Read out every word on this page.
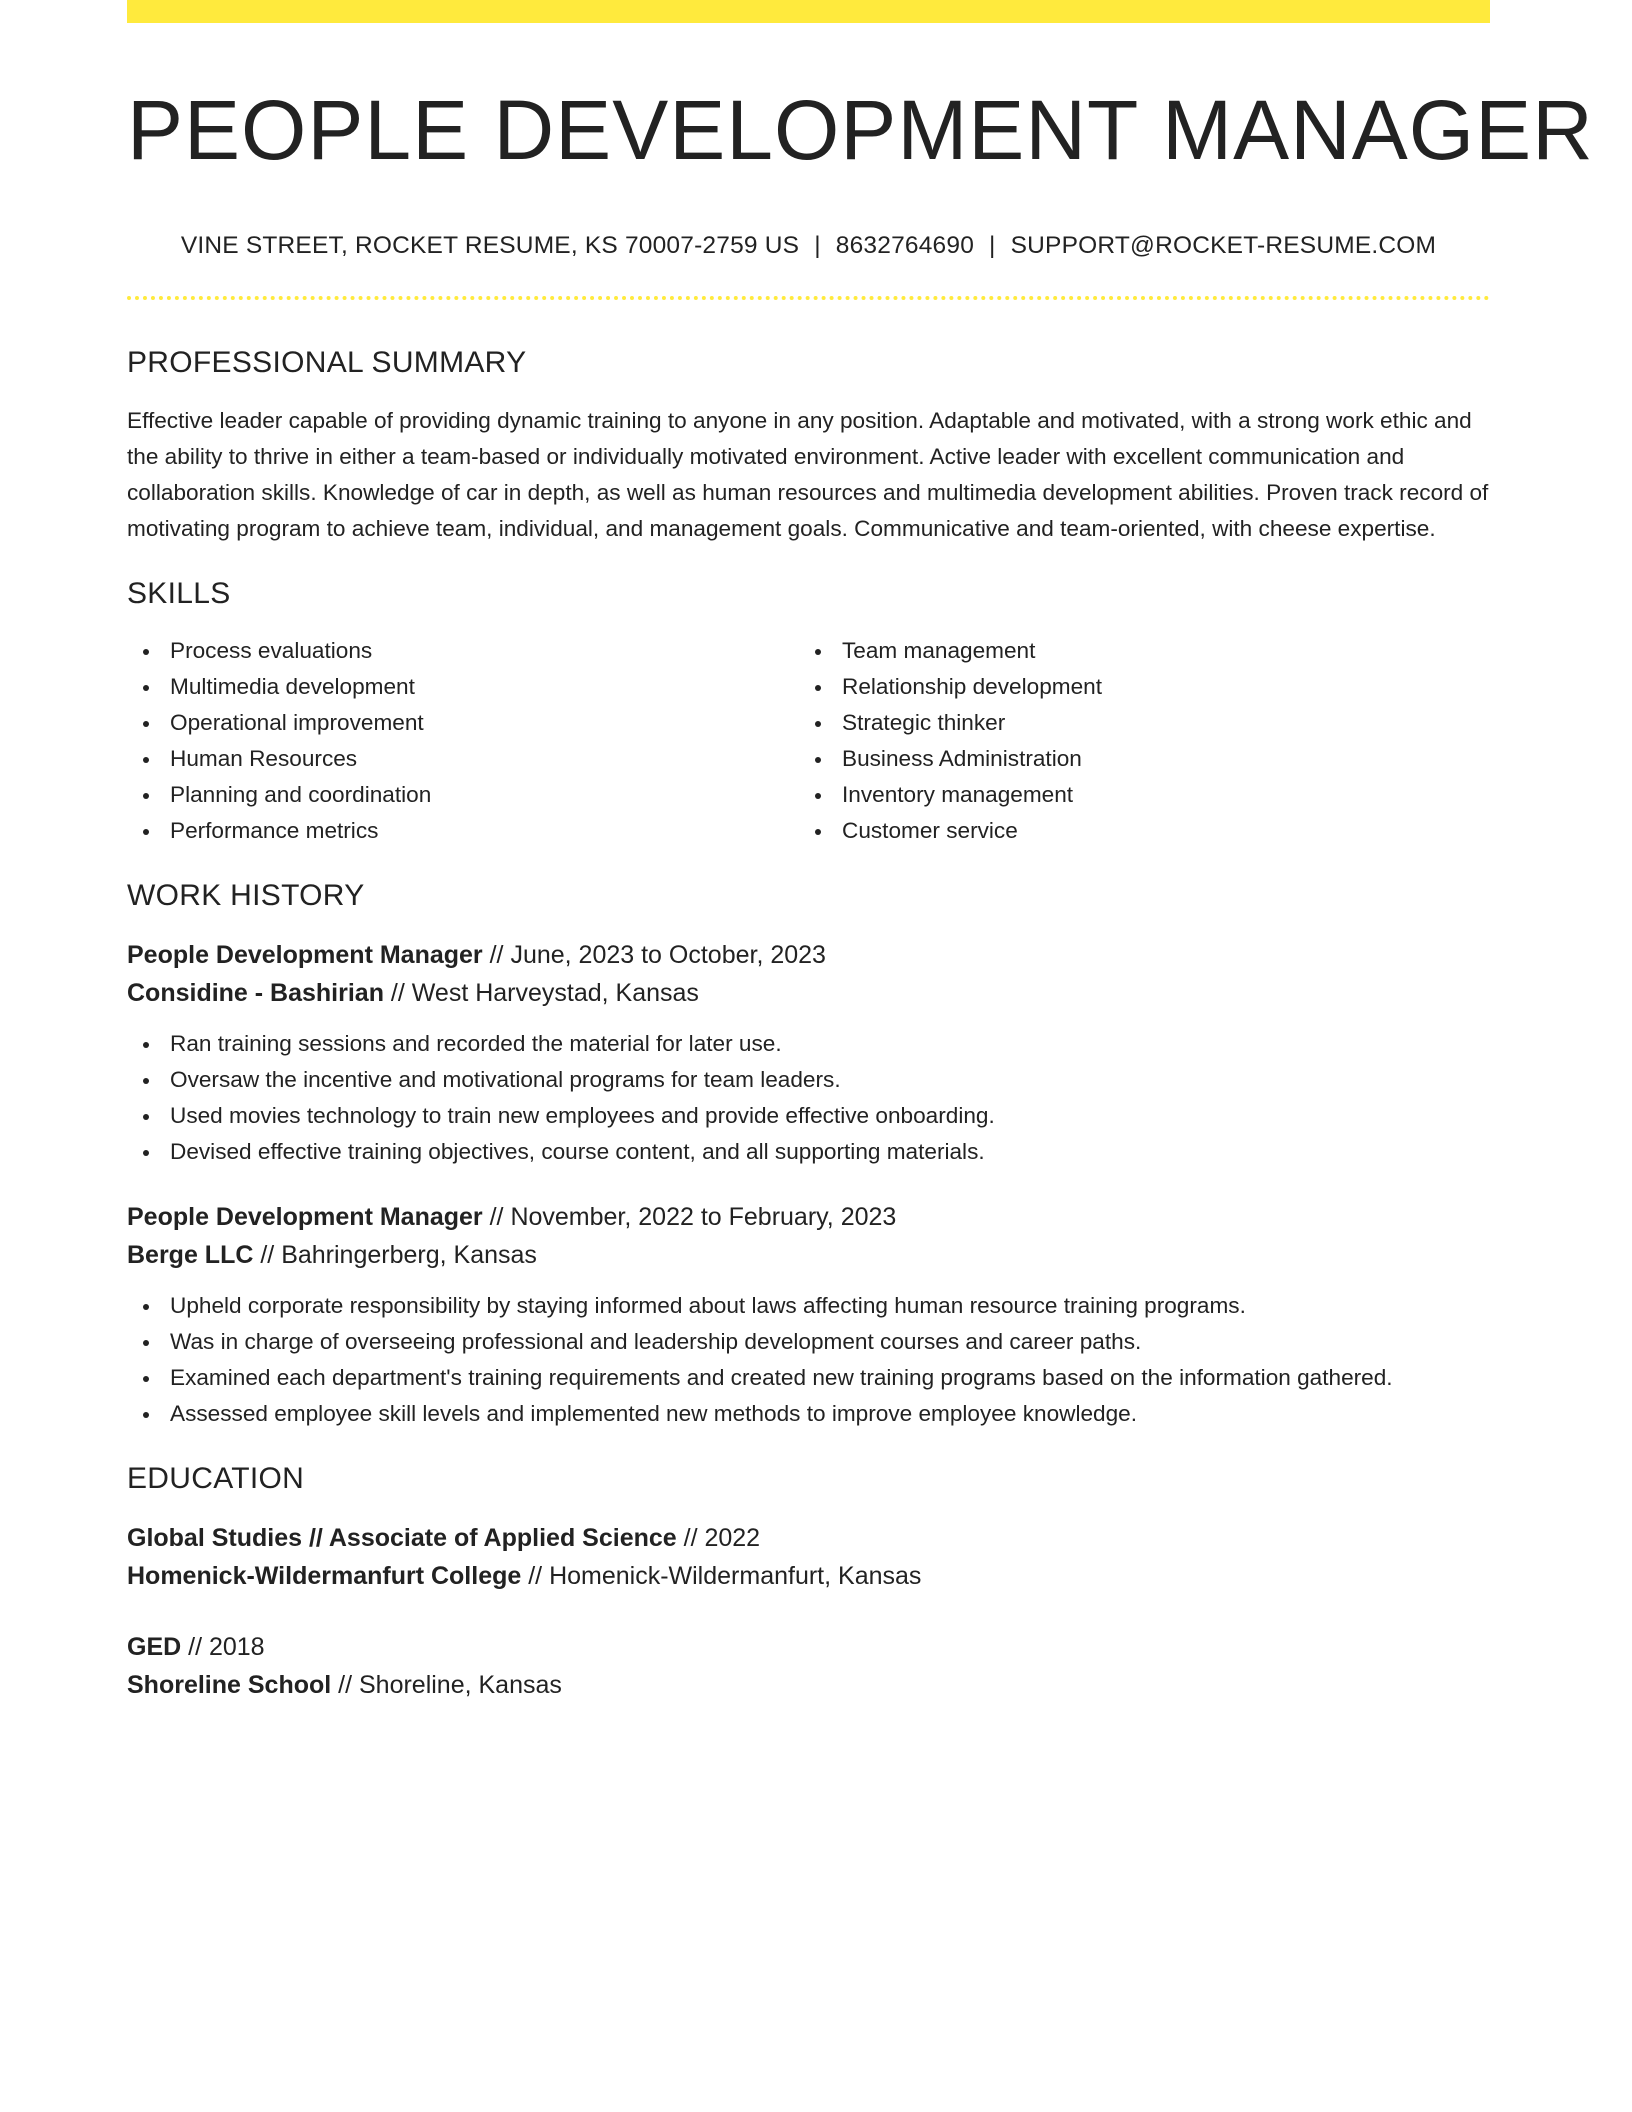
PEOPLE DEVELOPMENT MANAGER
VINE STREET, ROCKET RESUME, KS 70007-2759 US | 8632764690 | SUPPORT@ROCKET-RESUME.COM
PROFESSIONAL SUMMARY

Effective leader capable of providing dynamic training to anyone in any position. Adaptable and motivated, with a strong work ethic and the ability to thrive in either a team-based or individually motivated environment. Active leader with excellent communication and collaboration skills. Knowledge of car in depth, as well as human resources and multimedia development abilities. Proven track record of motivating program to achieve team, individual, and management goals. Communicative and team-oriented, with cheese expertise.

SKILLS
Process evaluations
Multimedia development
Operational improvement
Human Resources
Planning and coordination
Performance metrics
Team management
Relationship development
Strategic thinker
Business Administration
Inventory management
Customer service
WORK HISTORY
People Development Manager // June, 2023 to October, 2023
Considine - Bashirian // West Harveystad, Kansas
Ran training sessions and recorded the material for later use.
Oversaw the incentive and motivational programs for team leaders.
Used movies technology to train new employees and provide effective onboarding.
Devised effective training objectives, course content, and all supporting materials.
People Development Manager // November, 2022 to February, 2023
Berge LLC // Bahringerberg, Kansas
Upheld corporate responsibility by staying informed about laws affecting human resource training programs.
Was in charge of overseeing professional and leadership development courses and career paths.
Examined each department's training requirements and created new training programs based on the information gathered.
Assessed employee skill levels and implemented new methods to improve employee knowledge.
EDUCATION
Global Studies // Associate of Applied Science // 2022
Homenick-Wildermanfurt College // Homenick-Wildermanfurt, Kansas
GED // 2018
Shoreline School // Shoreline, Kansas
